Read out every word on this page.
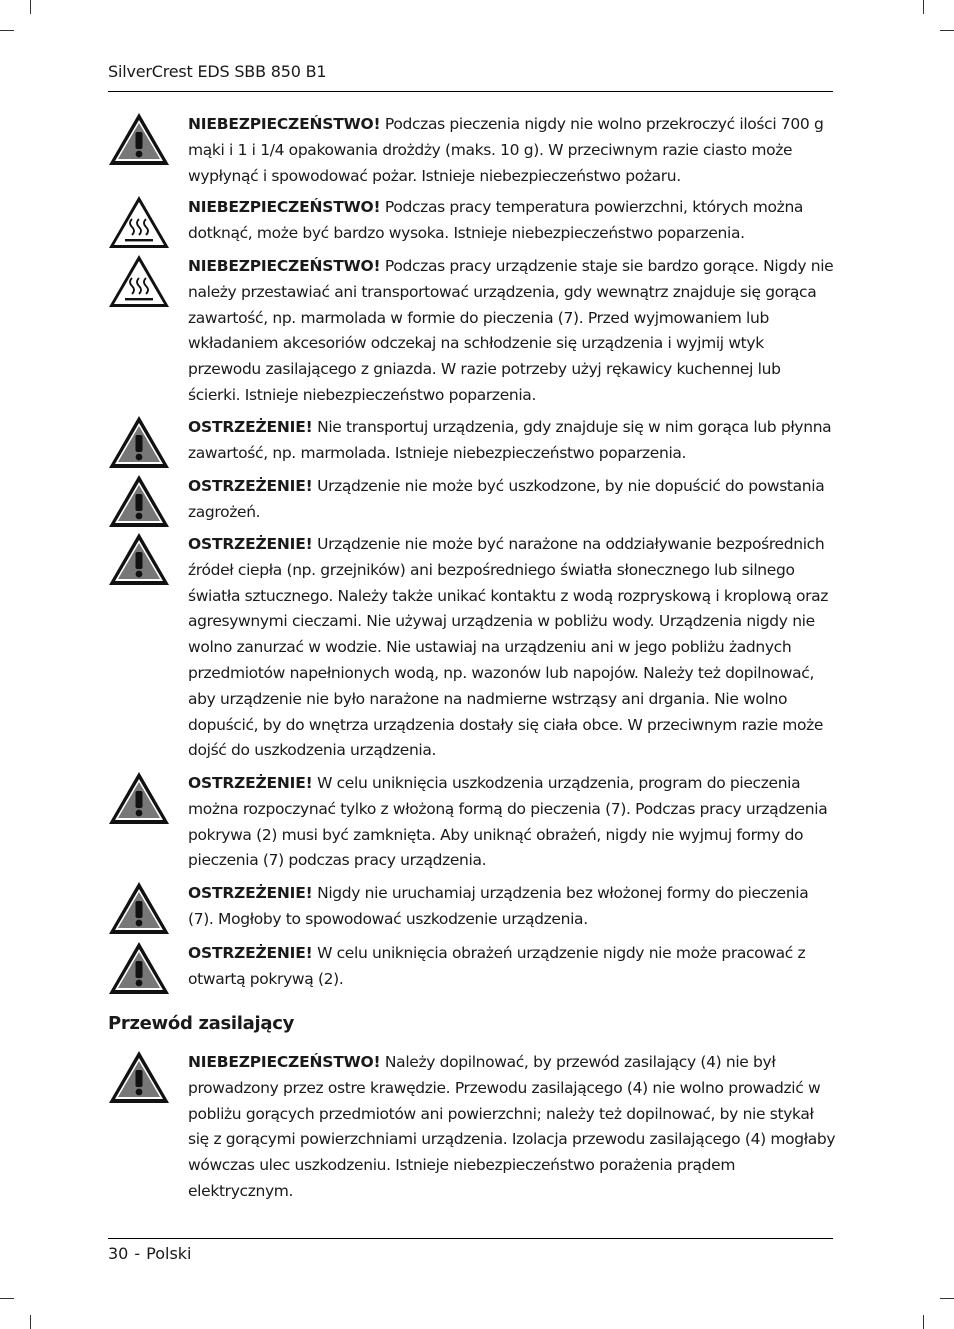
SilverCrest EDS SBB 850 B1
NIEBEZPIECZEŃSTWO! Podczas pieczenia nigdy nie wolno przekroczyć ilości 700 g mąki i 1 i 1/4 opakowania drożdży (maks. 10 g). W przeciwnym razie ciasto może wypłynąć i spowodować pożar. Istnieje niebezpieczeństwo pożaru.
NIEBEZPIECZEŃSTWO! Podczas pracy temperatura powierzchni, których można dotknąć, może być bardzo wysoka. Istnieje niebezpieczeństwo poparzenia.
NIEBEZPIECZEŃSTWO! Podczas pracy urządzenie staje sie bardzo gorące. Nigdy nie należy przestawiać ani transportować urządzenia, gdy wewnątrz znajduje się gorąca zawartość, np. marmolada w formie do pieczenia (7). Przed wyjmowaniem lub wkładaniem akcesoriów odczekaj na schłodzenie się urządzenia i wyjmij wtyk przewodu zasilającego z gniazda. W razie potrzeby użyj rękawicy kuchennej lub ścierki. Istnieje niebezpieczeństwo poparzenia.
OSTRZEŻENIE! Nie transportuj urządzenia, gdy znajduje się w nim gorąca lub płynna zawartość, np. marmolada. Istnieje niebezpieczeństwo poparzenia.
OSTRZEŻENIE! Urządzenie nie może być uszkodzone, by nie dopuścić do powstania zagrożeń.
OSTRZEŻENIE! Urządzenie nie może być narażone na oddziaływanie bezpośrednich źródeł ciepła (np. grzejników) ani bezpośredniego światła słonecznego lub silnego światła sztucznego. Należy także unikać kontaktu z wodą rozpryskową i kroplową oraz agresywnymi cieczami. Nie używaj urządzenia w pobliżu wody. Urządzenia nigdy nie wolno zanurzać w wodzie. Nie ustawiaj na urządzeniu ani w jego pobliżu żadnych przedmiotów napełnionych wodą, np. wazonów lub napojów. Należy też dopilnować, aby urządzenie nie było narażone na nadmierne wstrząsy ani drgania. Nie wolno dopuścić, by do wnętrza urządzenia dostały się ciała obce. W przeciwnym razie może dojść do uszkodzenia urządzenia.
OSTRZEŻENIE! W celu uniknięcia uszkodzenia urządzenia, program do pieczenia można rozpoczynać tylko z włożoną formą do pieczenia (7). Podczas pracy urządzenia pokrywa (2) musi być zamknięta. Aby uniknąć obrażeń, nigdy nie wyjmuj formy do pieczenia (7) podczas pracy urządzenia.
OSTRZEŻENIE! Nigdy nie uruchamiaj urządzenia bez włożonej formy do pieczenia (7). Mogłoby to spowodować uszkodzenie urządzenia.
OSTRZEŻENIE! W celu uniknięcia obrażeń urządzenie nigdy nie może pracować z otwartą pokrywą (2).
Przewód zasilający
NIEBEZPIECZEŃSTWO! Należy dopilnować, by przewód zasilający (4) nie był prowadzony przez ostre krawędzie. Przewodu zasilającego (4) nie wolno prowadzić w pobliżu gorących przedmiotów ani powierzchni; należy też dopilnować, by nie stykał się z gorącymi powierzchniami urządzenia. Izolacja przewodu zasilającego (4) mogłaby wówczas ulec uszkodzeniu. Istnieje niebezpieczeństwo porażenia prądem elektrycznym.
30 - Polski
